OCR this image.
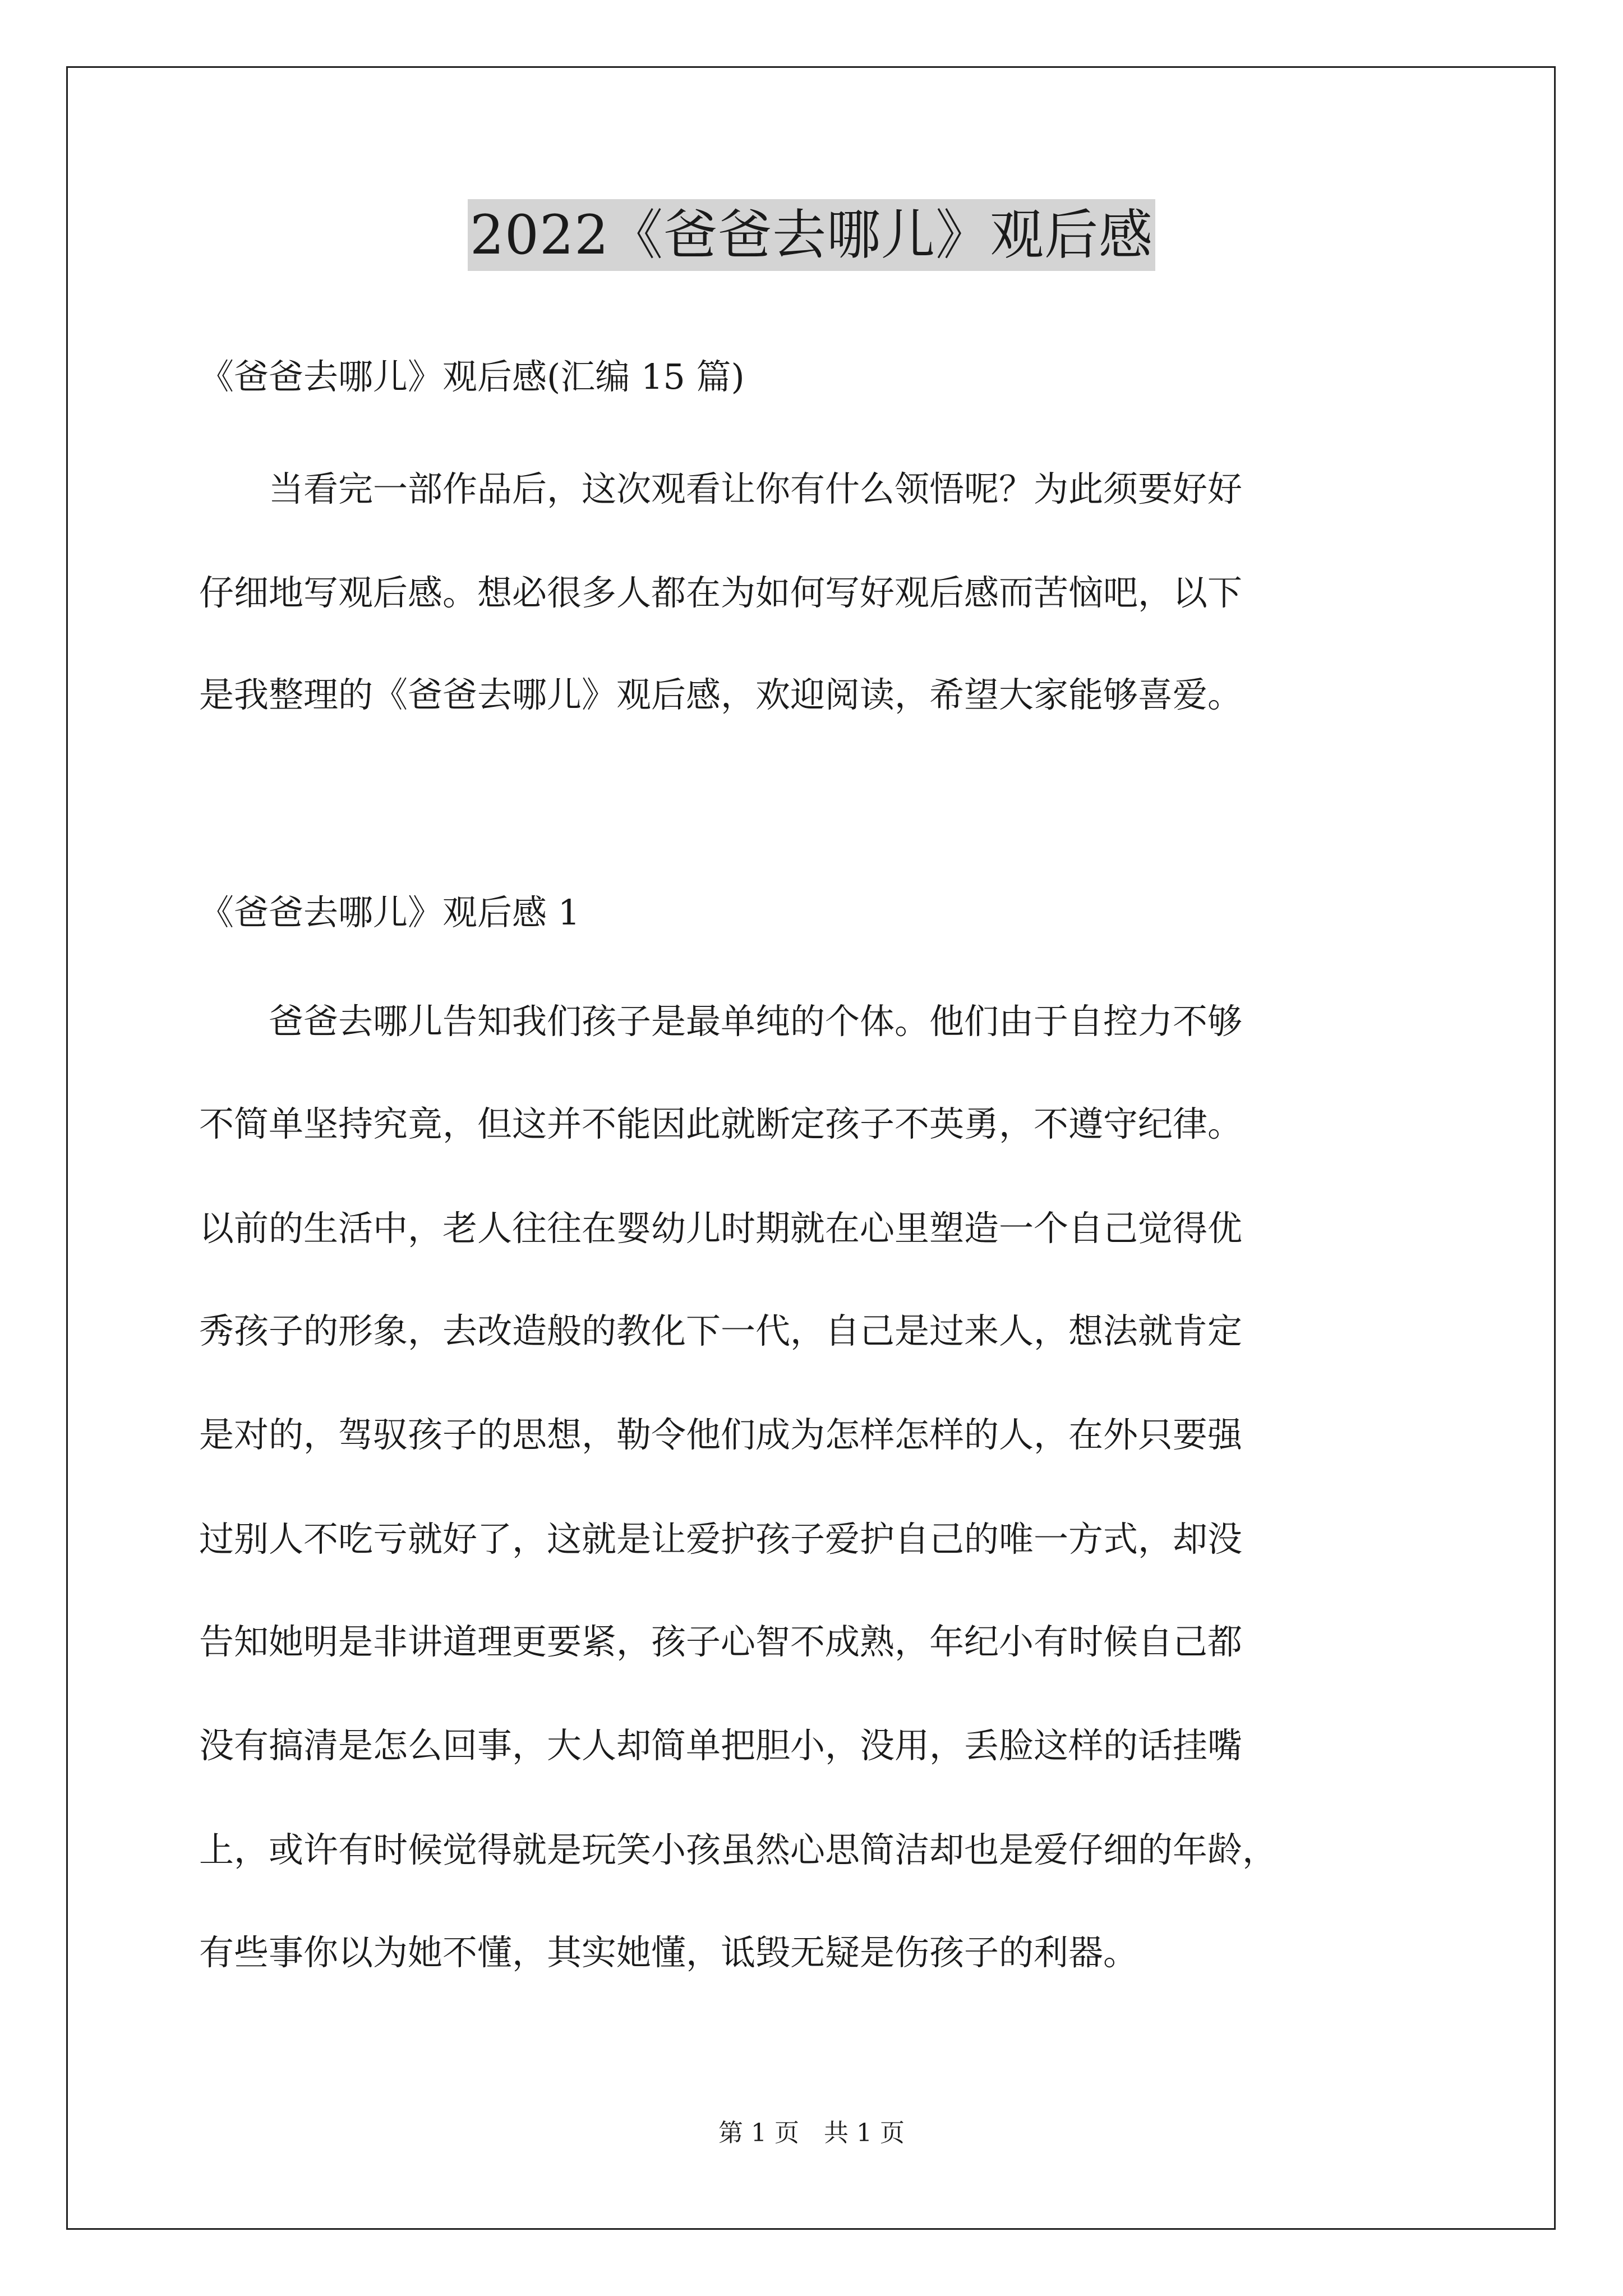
2022《爸爸去哪儿》观后感
《爸爸去哪儿》观后感(汇编 15 篇)
当看完一部作品后，这次观看让你有什么领悟呢？为此须要好好
仔细地写观后感。想必很多人都在为如何写好观后感而苦恼吧，以下
是我整理的《爸爸去哪儿》观后感，欢迎阅读，希望大家能够喜爱。
《爸爸去哪儿》观后感 1
爸爸去哪儿告知我们孩子是最单纯的个体。他们由于自控力不够
不简单坚持究竟，但这并不能因此就断定孩子不英勇，不遵守纪律。
以前的生活中，老人往往在婴幼儿时期就在心里塑造一个自己觉得优
秀孩子的形象，去改造般的教化下一代，自己是过来人，想法就肯定
是对的，驾驭孩子的思想，勒令他们成为怎样怎样的人，在外只要强
过别人不吃亏就好了，这就是让爱护孩子爱护自己的唯一方式，却没
告知她明是非讲道理更要紧，孩子心智不成熟，年纪小有时候自己都
没有搞清是怎么回事，大人却简单把胆小，没用，丢脸这样的话挂嘴
上，或许有时候觉得就是玩笑小孩虽然心思简洁却也是爱仔细的年龄，
有些事你以为她不懂，其实她懂，诋毁无疑是伤孩子的利器。
第 1 页　共 1 页
